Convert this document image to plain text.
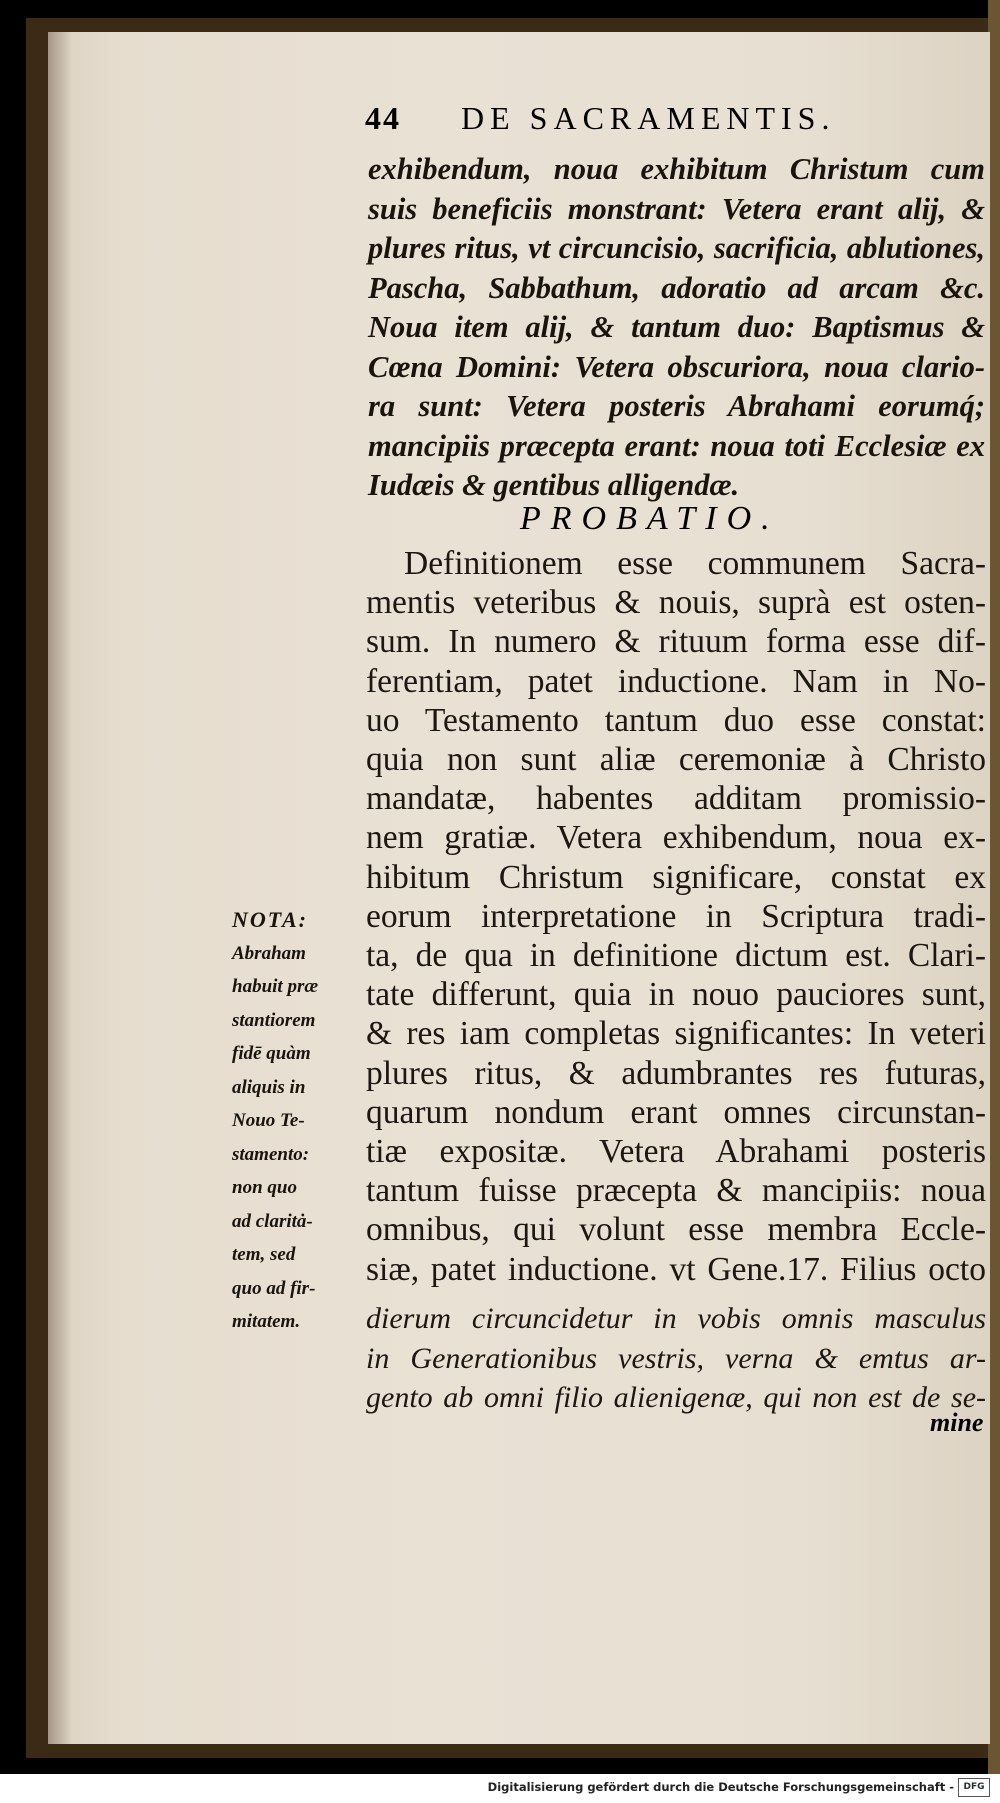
44 DE SACRAMENTIS.
exhibendum, noua exhibitum Christum cum
suis beneficiis monstrant: Vetera erant alij, &
plures ritus, vt circuncisio, sacrificia, ablutiones,
Pascha, Sabbathum, adoratio ad arcam &c.
Noua item alij, & tantum duo: Baptismus &
Cœna Domini: Vetera obscuriora, noua clario-
ra sunt: Vetera posteris Abrahami eorumq́;
mancipiis præcepta erant: noua toti Ecclesiæ ex
Iudæis & gentibus alligendæ.
PROBATIO.
Definitionem esse communem Sacra-
mentis veteribus & nouis, suprà est osten-
sum. In numero & rituum forma esse dif-
ferentiam, patet inductione. Nam in No-
uo Testamento tantum duo esse constat:
quia non sunt aliæ ceremoniæ à Christo
mandatæ, habentes additam promissio-
nem gratiæ. Vetera exhibendum, noua ex-
hibitum Christum significare, constat ex
eorum interpretatione in Scriptura tradi-
ta, de qua in definitione dictum est. Clari-
tate differunt, quia in nouo pauciores sunt,
& res iam completas significantes: In veteri
plures ritus, & adumbrantes res futuras,
quarum nondum erant omnes circunstan-
tiæ expositæ. Vetera Abrahami posteris
tantum fuisse præcepta & mancipiis: noua
omnibus, qui volunt esse membra Eccle-
siæ, patet inductione. vt Gene.17. Filius octo
dierum circuncidetur in vobis omnis masculus
in Generationibus vestris, verna & emtus ar-
gento ab omni filio alienigenæ, qui non est de se-
mine
NOTA:
Abraham
habuit præ
stantiorem
fidē quàm
aliquis in
Nouo Te-
stamento:
non quo
ad claritȧ-
tem, sed
quo ad fir-
mitatem.
Digitalisierung gefördert durch die Deutsche Forschungsgemeinschaft -	DFG
